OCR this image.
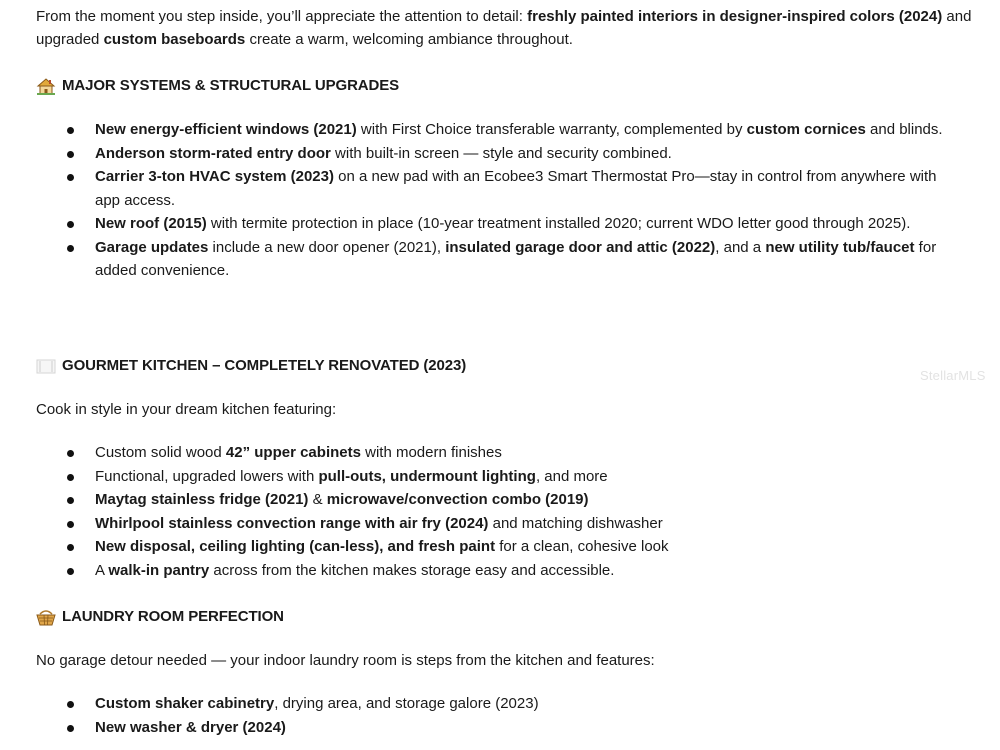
From the moment you step inside, you’ll appreciate the attention to detail: freshly painted interiors in designer-inspired colors (2024) and upgraded custom baseboards create a warm, welcoming ambiance throughout.

MAJOR SYSTEMS & STRUCTURAL UPGRADES
New energy-efficient windows (2021) with First Choice transferable warranty, complemented by custom cornices and blinds.
Anderson storm-rated entry door with built-in screen — style and security combined.
Carrier 3-ton HVAC system (2023) on a new pad with an Ecobee3 Smart Thermostat Pro—stay in control from anywhere with app access.
New roof (2015) with termite protection in place (10-year treatment installed 2020; current WDO letter good through 2025).
Garage updates include a new door opener (2021), insulated garage door and attic (2022), and a new utility tub/faucet for added convenience.
GOURMET KITCHEN – COMPLETELY RENOVATED (2023)

Cook in style in your dream kitchen featuring:

Custom solid wood 42” upper cabinets with modern finishes
Functional, upgraded lowers with pull-outs, undermount lighting, and more
Maytag stainless fridge (2021) & microwave/convection combo (2019)
Whirlpool stainless convection range with air fry (2024) and matching dishwasher
New disposal, ceiling lighting (can-less), and fresh paint for a clean, cohesive look
A walk-in pantry across from the kitchen makes storage easy and accessible.
LAUNDRY ROOM PERFECTION

No garage detour needed — your indoor laundry room is steps from the kitchen and features:

Custom shaker cabinetry, drying area, and storage galore (2023)
New washer & dryer (2024)
StellarMLS
